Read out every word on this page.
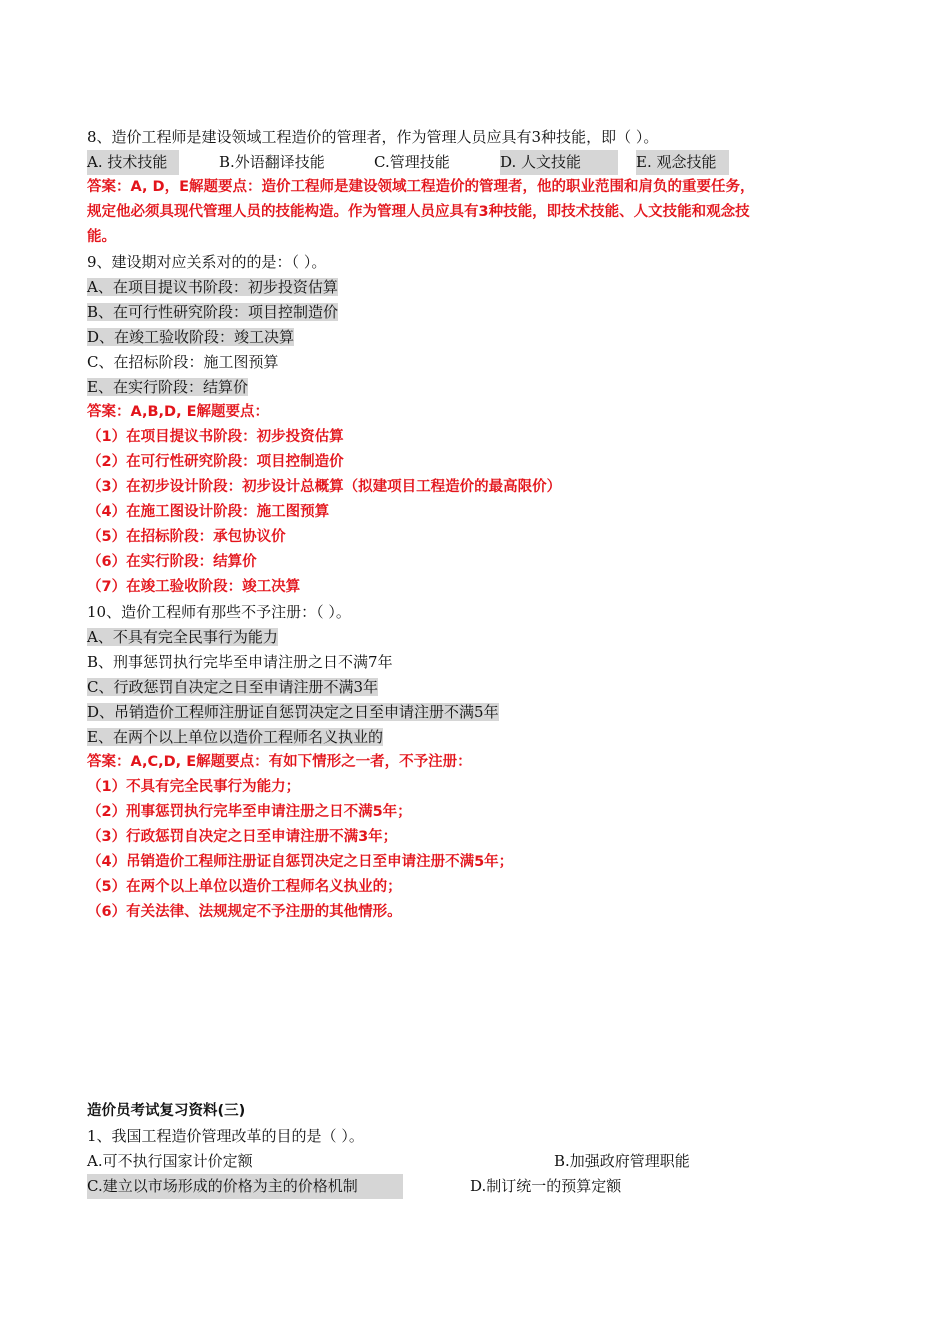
8、造价工程师是建设领域工程造价的管理者，作为管理人员应具有3种技能，即（ ）。
A. 技术技能	B.外语翻译技能	C.管理技能	D. 人文技能	E. 观念技能
答案：A, D，E解题要点：造价工程师是建设领域工程造价的管理者，他的职业范围和肩负的重要任务，
规定他必须具现代管理人员的技能构造。作为管理人员应具有3种技能，即技术技能、人文技能和观念技
能。
9、建设期对应关系对的的是：（ ）。
A、在项目提议书阶段：初步投资估算
B、在可行性研究阶段：项目控制造价
D、在竣工验收阶段：竣工决算
C、在招标阶段：施工图预算
E、在实行阶段：结算价
答案：A,B,D, E解题要点：
（1）在项目提议书阶段：初步投资估算
（2）在可行性研究阶段：项目控制造价
（3）在初步设计阶段：初步设计总概算（拟建项目工程造价的最高限价）
（4）在施工图设计阶段：施工图预算
（5）在招标阶段：承包协议价
（6）在实行阶段：结算价
（7）在竣工验收阶段：竣工决算
10、造价工程师有那些不予注册：（ ）。
A、不具有完全民事行为能力
B、刑事惩罚执行完毕至申请注册之日不满7年
C、行政惩罚自决定之日至申请注册不满3年
D、吊销造价工程师注册证自惩罚决定之日至申请注册不满5年
E、在两个以上单位以造价工程师名义执业的
答案：A,C,D, E解题要点：有如下情形之一者，不予注册：
（1）不具有完全民事行为能力；
（2）刑事惩罚执行完毕至申请注册之日不满5年；
（3）行政惩罚自决定之日至申请注册不满3年；
（4）吊销造价工程师注册证自惩罚决定之日至申请注册不满5年；
（5）在两个以上单位以造价工程师名义执业的；
（6）有关法律、法规规定不予注册的其他情形。
造价员考试复习资料(三)
1、我国工程造价管理改革的目的是（ ）。
A.可不执行国家计价定额	B.加强政府管理职能
C.建立以市场形成的价格为主的价格机制	D.制订统一的预算定额
